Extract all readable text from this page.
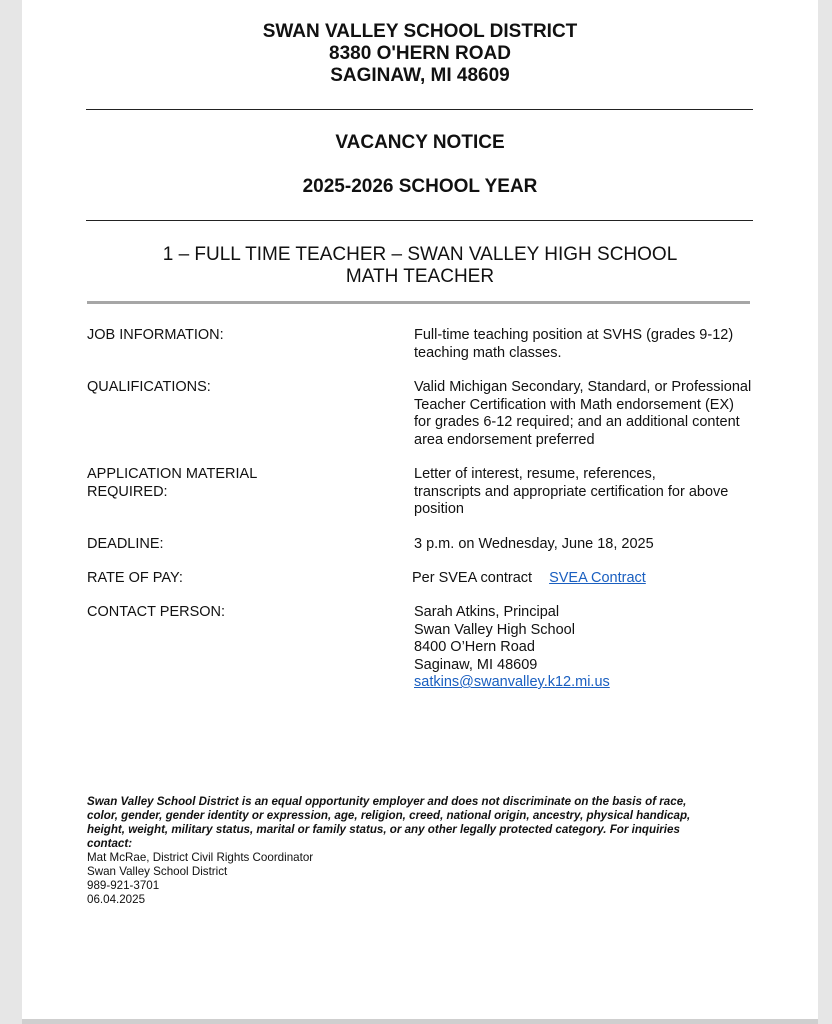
SWAN VALLEY SCHOOL DISTRICT
8380 O'HERN ROAD
SAGINAW, MI 48609
VACANCY NOTICE
2025-2026 SCHOOL YEAR
1 – FULL TIME TEACHER – SWAN VALLEY HIGH SCHOOL
MATH TEACHER
JOB INFORMATION:	Full-time teaching position at SVHS (grades 9-12)
teaching math classes.
QUALIFICATIONS:	Valid Michigan Secondary, Standard, or Professional
Teacher Certification with Math endorsement (EX)
for grades 6-12 required; and an additional content
area endorsement preferred
APPLICATION MATERIAL
REQUIRED:
Letter of interest, resume, references,
transcripts and appropriate certification for above
position
DEADLINE:	3 p.m. on Wednesday, June 18, 2025
RATE OF PAY:	Per SVEA contract SVEA Contract
CONTACT PERSON:	Sarah Atkins, Principal
Swan Valley High School
8400 O’Hern Road
Saginaw, MI 48609
satkins@swanvalley.k12.mi.us
Swan Valley School District is an equal opportunity employer and does not discriminate on the basis of race,
color, gender, gender identity or expression, age, religion, creed, national origin, ancestry, physical handicap,
height, weight, military status, marital or family status, or any other legally protected category. For inquiries
contact:
Mat McRae, District Civil Rights Coordinator
Swan Valley School District
989-921-3701
06.04.2025
